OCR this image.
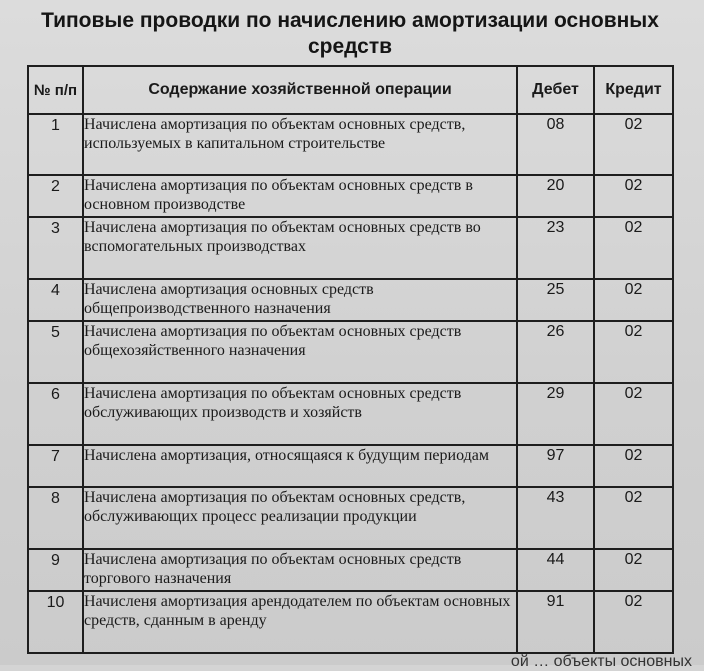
Типовые проводки по начислению амортизации основных средств
№ п/п	Содержание хозяйственной операции	Дебет	Кредит
1	Начислена амортизация по объектам основных средств, используемых в капитальном строительстве	08	02
2	Начислена амортизация по объектам основных средств в основном производстве	20	02
3	Начислена амортизация по объектам основных средств во вспомогательных производствах	23	02
4	Начислена амортизация основных средств общепроизводственного назначения	25	02
5	Начислена амортизация по объектам основных средств общехозяйственного назначения	26	02
6	Начислена амортизация по объектам основных средств обслуживающих производств и хозяйств	29	02
7	Начислена амортизация, относящаяся к будущим периодам	97	02
8	Начислена амортизация по объектам основных средств, обслуживающих процесс реализации продукции	43	02
9	Начислена амортизация по объектам основных средств торгового назначения	44	02
10	Начисленя амортизация арендодателем по объектам основных средств, сданным в аренду	91	02
ой … объекты основных
